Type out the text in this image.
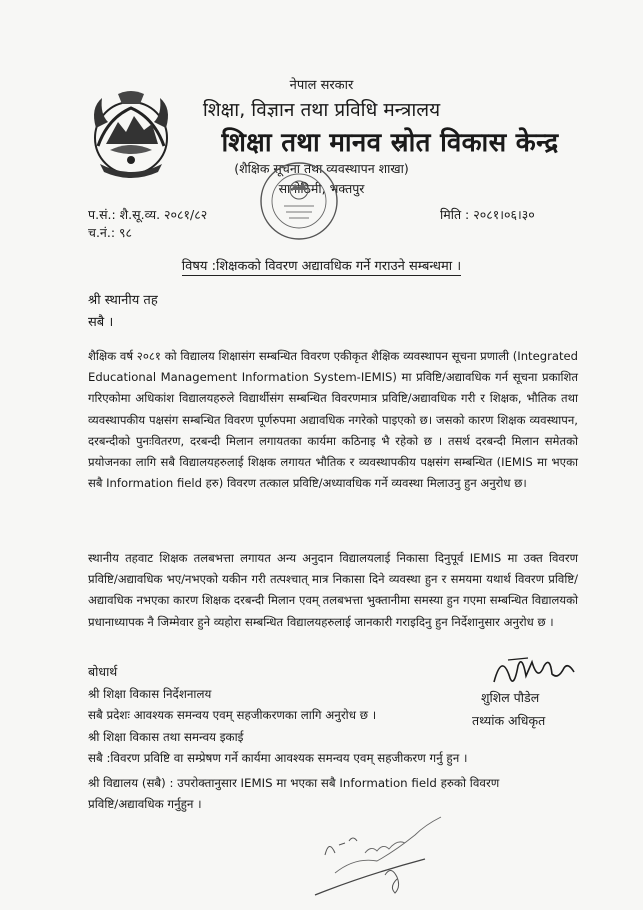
नेपाल सरकार
शिक्षा, विज्ञान तथा प्रविधि मन्त्रालय
शिक्षा तथा मानव स्रोत विकास केन्द्र
(शैक्षिक सूचना तथा व्यवस्थापन शाखा)
सानोठिमी, भक्तपुर
प.सं.: शै.सू.व्य. २०८१/८२
च.नं.: ९८
मिति : २०८१।०६।३०
विषय :शिक्षकको विवरण अद्यावधिक गर्ने गराउने सम्बन्धमा ।
श्री स्थानीय तह
सबै ।
शैक्षिक वर्ष २०८१ को विद्यालय शिक्षासंग सम्बन्धित विवरण एकीकृत शैक्षिक व्यवस्थापन सूचना प्रणाली (Integrated Educational Management Information System-IEMIS) मा प्रविष्टि/अद्यावधिक गर्न सूचना प्रकाशित गरिएकोमा अधिकांश विद्यालयहरुले विद्यार्थीसंग सम्बन्धित विवरणमात्र प्रविष्टि/अद्यावधिक गरी र शिक्षक, भौतिक तथा व्यवस्थापकीय पक्षसंग सम्बन्धित विवरण पूर्णरुपमा अद्यावधिक नगरेको पाइएको छ। जसको कारण शिक्षक व्यवस्थापन, दरबन्दीको पुनःवितरण, दरबन्दी मिलान लगायतका कार्यमा कठिनाइ भै रहेको छ । तसर्थ दरबन्दी मिलान समेतको प्रयोजनका लागि सबै विद्यालयहरुलाई शिक्षक लगायत भौतिक र व्यवस्थापकीय पक्षसंग सम्बन्धित (IEMIS मा भएका सबै Information field हरु) विवरण तत्काल प्रविष्टि/अध्यावधिक गर्ने व्यवस्था मिलाउनु हुन अनुरोध छ।
स्थानीय तहवाट शिक्षक तलबभत्ता लगायत अन्य अनुदान विद्यालयलाई निकासा दिनुपूर्व IEMIS मा उक्त विवरण प्रविष्टि/अद्यावधिक भए/नभएको यकीन गरी तत्पश्चात् मात्र निकासा दिने व्यवस्था हुन र समयमा यथार्थ विवरण प्रविष्टि/अद्यावधिक नभएका कारण शिक्षक दरबन्दी मिलान एवम् तलबभत्ता भुक्तानीमा समस्या हुन गएमा सम्बन्धित विद्यालयको प्रधानाध्यापक नै जिम्मेवार हुने व्यहोरा सम्बन्धित विद्यालयहरुलाई जानकारी गराइदिनु हुन निर्देशानुसार अनुरोध छ ।
बोधार्थ
शुशिल पौडेल
तथ्यांक अधिकृत
श्री शिक्षा विकास निर्देशनालय
सबै प्रदेशः आवश्यक समन्वय एवम् सहजीकरणका लागि अनुरोध छ ।
श्री शिक्षा विकास तथा समन्वय इकाई
सबै :विवरण प्रविष्टि वा सम्प्रेषण गर्ने कार्यमा आवश्यक समन्वय एवम् सहजीकरण गर्नु हुन ।
श्री विद्यालय (सबै) : उपरोक्तानुसार IEMIS मा भएका सबै Information field हरुको विवरण
प्रविष्टि/अद्यावधिक गर्नुहुन ।
